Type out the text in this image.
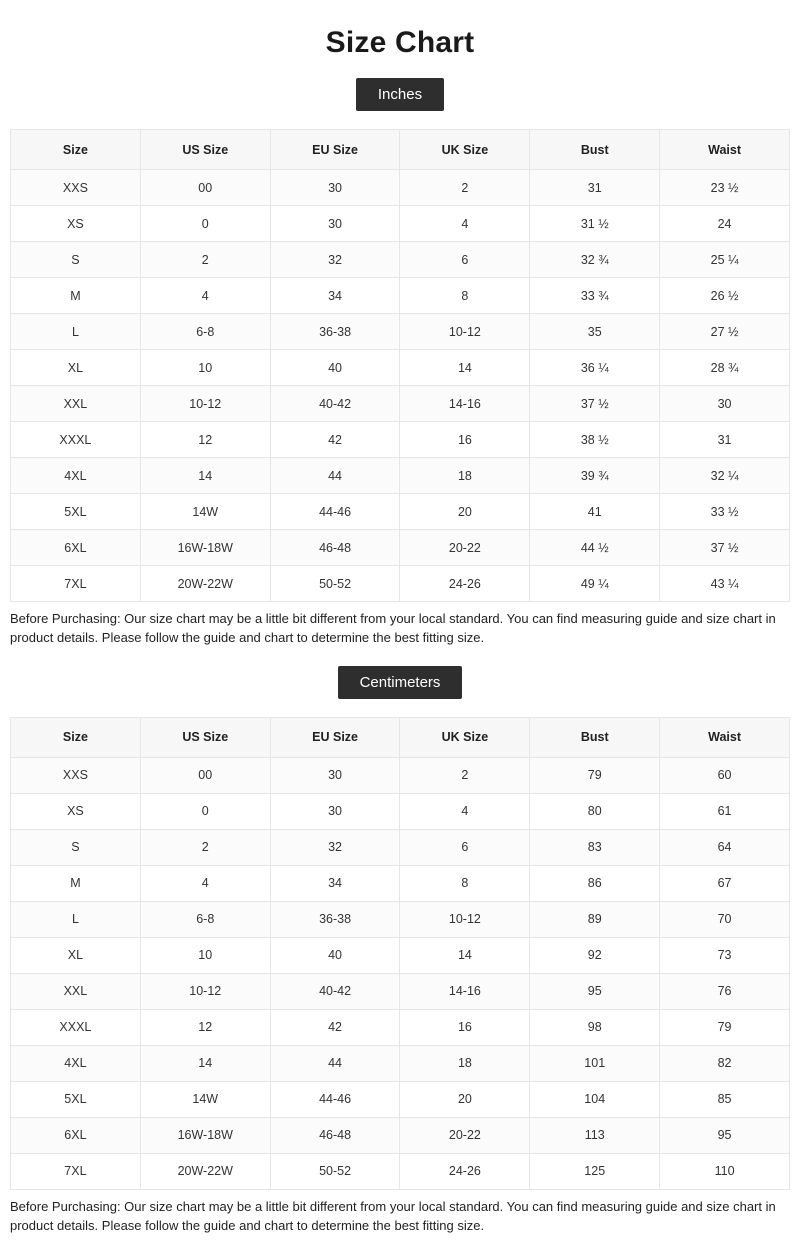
Size Chart
Inches
Size	US Size	EU Size	UK Size	Bust	Waist
XXS	00	30	2	31	23 ½
XS	0	30	4	31 ½	24
S	2	32	6	32 ¾	25 ¼
M	4	34	8	33 ¾	26 ½
L	6-8	36-38	10-12	35	27 ½
XL	10	40	14	36 ¼	28 ¾
XXL	10-12	40-42	14-16	37 ½	30
XXXL	12	42	16	38 ½	31
4XL	14	44	18	39 ¾	32 ¼
5XL	14W	44-46	20	41	33 ½
6XL	16W-18W	46-48	20-22	44 ½	37 ½
7XL	20W-22W	50-52	24-26	49 ¼	43 ¼

Before Purchasing: Our size chart may be a little bit different from your local standard. You can find measuring guide and size chart in product details. Please follow the guide and chart to determine the best fitting size.

Centimeters
Size	US Size	EU Size	UK Size	Bust	Waist
XXS	00	30	2	79	60
XS	0	30	4	80	61
S	2	32	6	83	64
M	4	34	8	86	67
L	6-8	36-38	10-12	89	70
XL	10	40	14	92	73
XXL	10-12	40-42	14-16	95	76
XXXL	12	42	16	98	79
4XL	14	44	18	101	82
5XL	14W	44-46	20	104	85
6XL	16W-18W	46-48	20-22	113	95
7XL	20W-22W	50-52	24-26	125	110

Before Purchasing: Our size chart may be a little bit different from your local standard. You can find measuring guide and size chart in product details. Please follow the guide and chart to determine the best fitting size.
